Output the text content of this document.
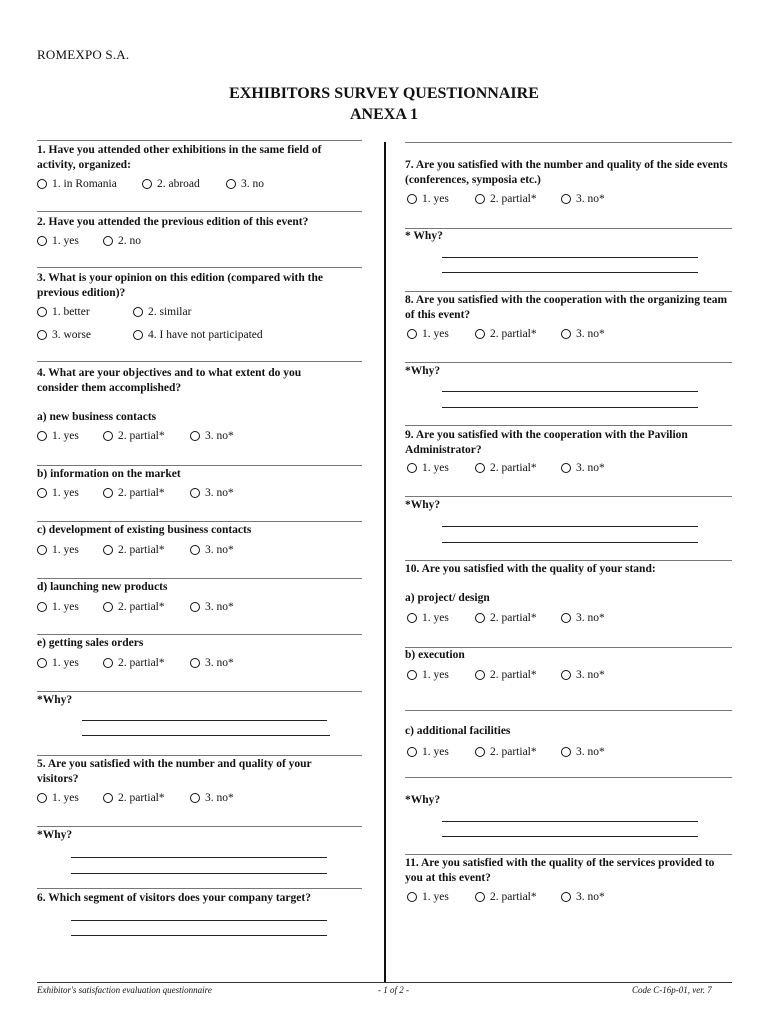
ROMEXPO S.A.
EXHIBITORS SURVEY QUESTIONNAIRE
ANEXA 1
1. Have you attended other exhibitions in the same field of activity, organized:
1. in Romania	2. abroad	3. no
2. Have you attended the previous edition of this event?
1. yes	2. no
3. What is your opinion on this edition (compared with the previous edition)?
1. better	2. similar
3. worse	4. I have not participated
4. What are your objectives and to what extent do you consider them accomplished?
a) new business contacts
1. yes	2. partial*	3. no*
b) information on the market
1. yes	2. partial*	3. no*
c) development of existing business contacts
1. yes	2. partial*	3. no*
d) launching new products
1. yes	2. partial*	3. no*
e) getting sales orders
1. yes	2. partial*	3. no*
*Why?
5. Are you satisfied with the number and quality of your visitors?
1. yes	2. partial*	3. no*
*Why?
6. Which segment of visitors does your company target?
7. Are you satisfied with the number and quality of the side events (conferences, symposia etc.)
1. yes	2. partial*	3. no*
* Why?
8. Are you satisfied with the cooperation with the organizing team of this event?
1. yes	2. partial*	3. no*
*Why?
9. Are you satisfied with the cooperation with the Pavilion Administrator?
1. yes	2. partial*	3. no*
*Why?
10. Are you satisfied with the quality of your stand:
a) project/ design
1. yes	2. partial*	3. no*
b) execution
1. yes	2. partial*	3. no*
c) additional facilities
1. yes	2. partial*	3. no*
*Why?
11. Are you satisfied with the quality of the services provided to you at this event?
1. yes	2. partial*	3. no*
Exhibitor's satisfaction evaluation questionnaire	- 1 of 2 -	Code C-16p-01, ver. 7
